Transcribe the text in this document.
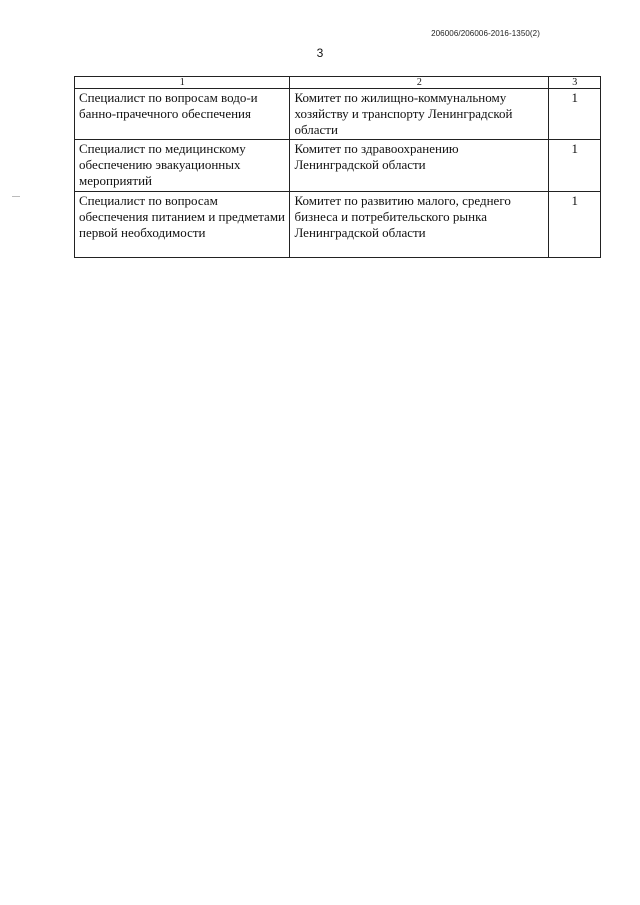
206006/206006-2016-1350(2)
3
1	2	3
Специалист по вопросам водо-и банно-прачечного обеспечения	Комитет по жилищно-коммунальному хозяйству и транспорту Ленинградской области	1
Специалист по медицинскому обеспечению эвакуационных мероприятий	Комитет по здравоохранению Ленинградской области	1
Специалист по вопросам обеспечения питанием и предметами первой необходимости	Комитет по развитию малого, среднего бизнеса и потребительского рынка Ленинградской области	1
